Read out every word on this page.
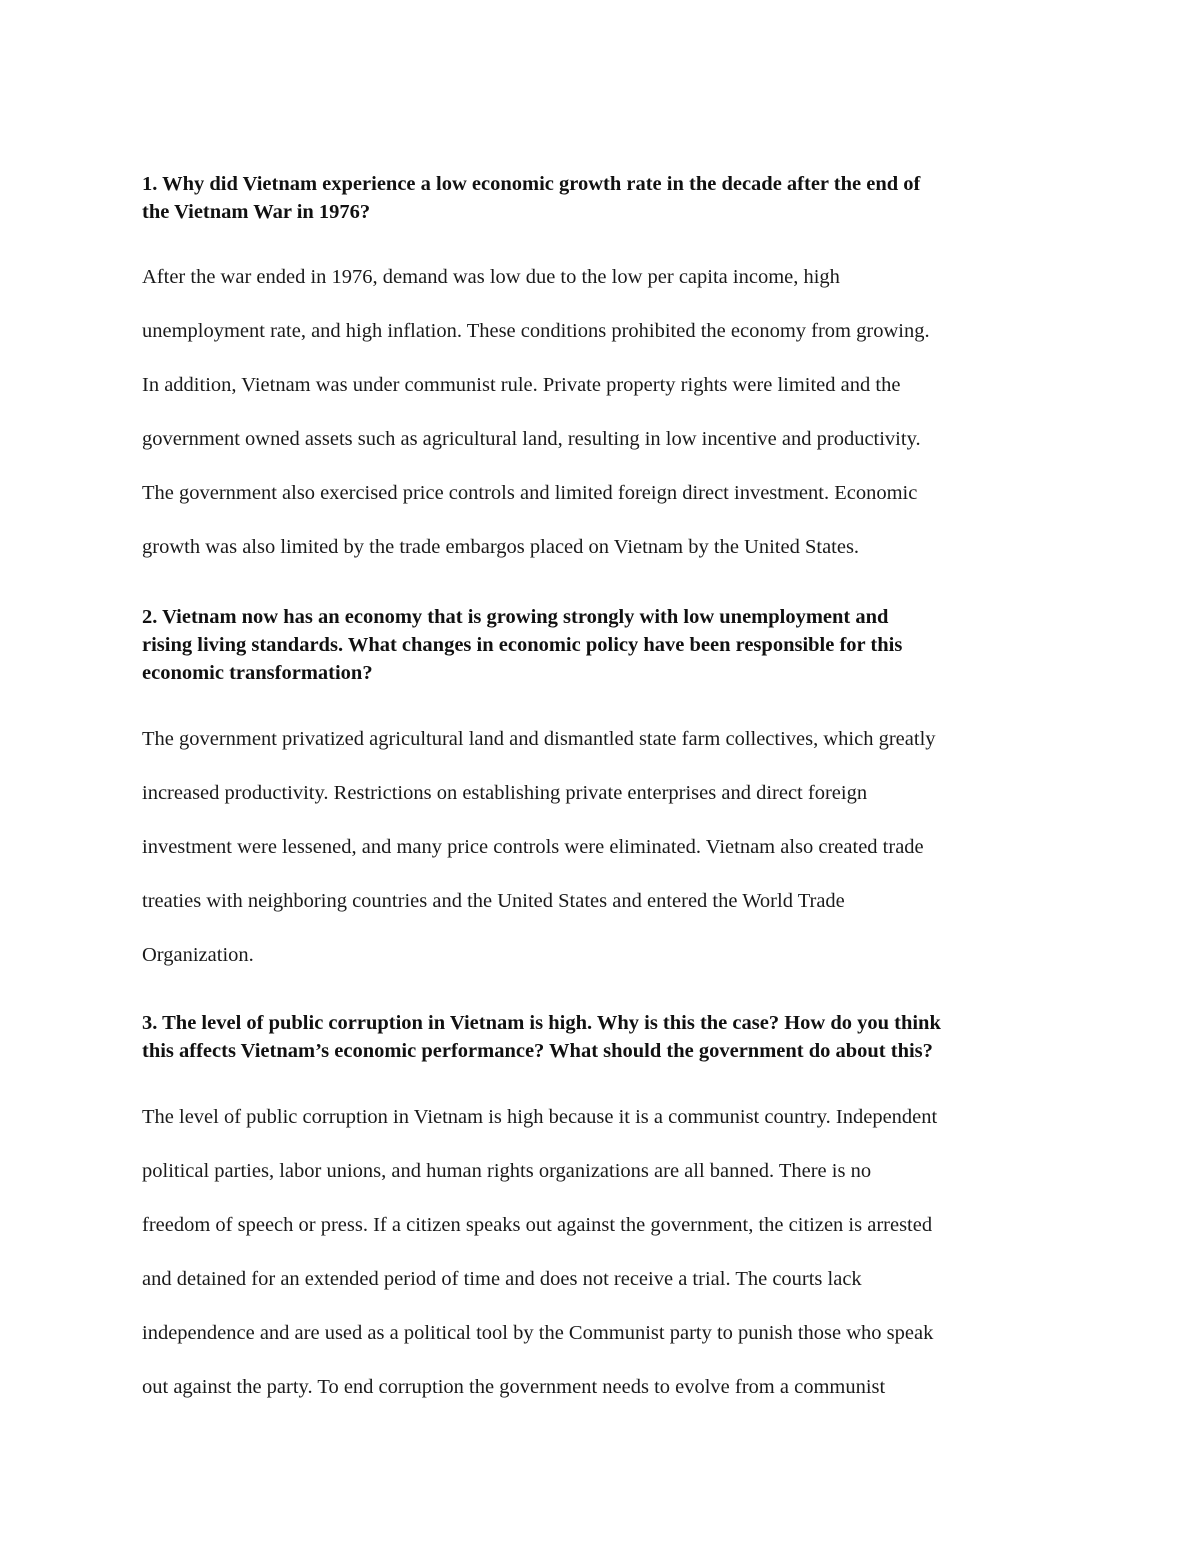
1. Why did Vietnam experience a low economic growth rate in the decade after the end of
the Vietnam War in 1976?

After the war ended in 1976, demand was low due to the low per capita income, high
unemployment rate, and high inflation. These conditions prohibited the economy from growing.
In addition, Vietnam was under communist rule. Private property rights were limited and the
government owned assets such as agricultural land, resulting in low incentive and productivity.
The government also exercised price controls and limited foreign direct investment. Economic
growth was also limited by the trade embargos placed on Vietnam by the United States.

2. Vietnam now has an economy that is growing strongly with low unemployment and
rising living standards. What changes in economic policy have been responsible for this
economic transformation?

The government privatized agricultural land and dismantled state farm collectives, which greatly
increased productivity. Restrictions on establishing private enterprises and direct foreign
investment were lessened, and many price controls were eliminated. Vietnam also created trade
treaties with neighboring countries and the United States and entered the World Trade
Organization.

3. The level of public corruption in Vietnam is high. Why is this the case? How do you think
this affects Vietnam’s economic performance? What should the government do about this?

The level of public corruption in Vietnam is high because it is a communist country. Independent
political parties, labor unions, and human rights organizations are all banned. There is no
freedom of speech or press. If a citizen speaks out against the government, the citizen is arrested
and detained for an extended period of time and does not receive a trial. The courts lack
independence and are used as a political tool by the Communist party to punish those who speak
out against the party. To end corruption the government needs to evolve from a communist
